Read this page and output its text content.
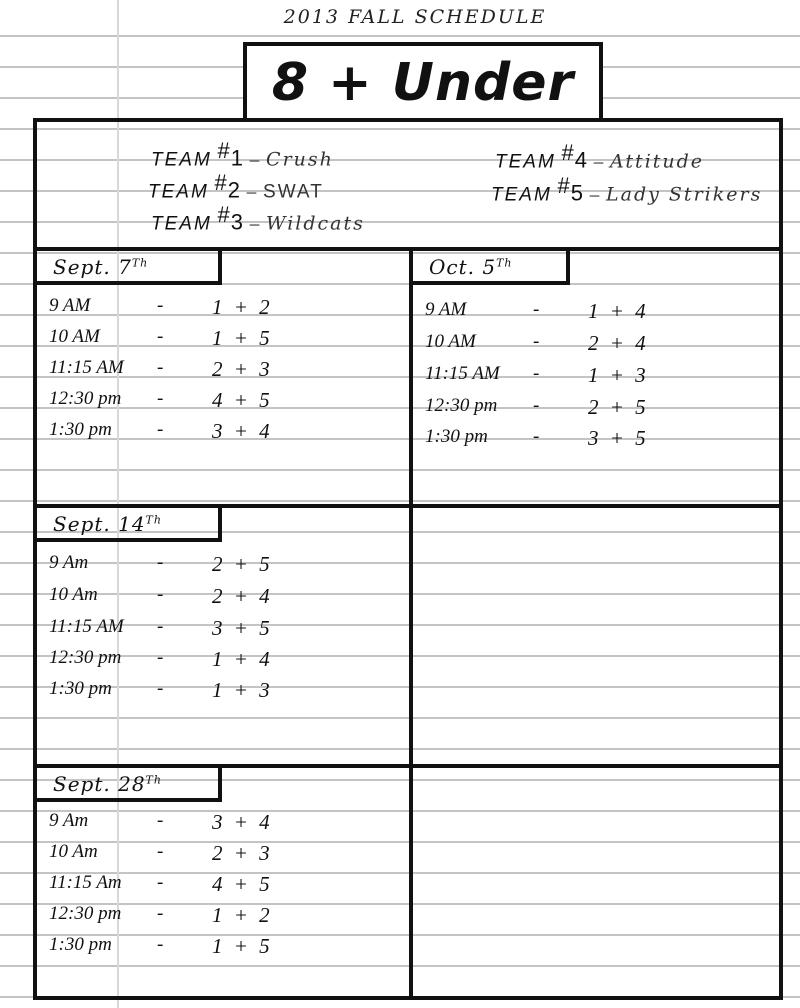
2013 FALL SCHEDULE
8 + Under
TEAM #1 – Crush
TEAM #2 – SWAT
TEAM #3 – Wildcats
TEAM #4 – Attitude
TEAM #5 – Lady Strikers
Sept. 7Th
9 AM	- 1 + 2
10 AM	- 1 + 5
11:15 AM - 2 + 3
12:30 pm - 4 + 5
1:30 pm - 3 + 4
Oct. 5Th
9 AM	- 1 + 4
10 AM	- 2 + 4
11:15 AM - 1 + 3
12:30 pm - 2 + 5
1:30 pm - 3 + 5
Sept. 14Th
9 Am	- 2 + 5
10 Am	- 2 + 4
11:15 AM - 3 + 5
12:30 pm - 1 + 4
1:30 pm - 1 + 3
Sept. 28Th
9 Am	- 3 + 4
10 Am	- 2 + 3
11:15 Am - 4 + 5
12:30 pm - 1 + 2
1:30 pm - 1 + 5
